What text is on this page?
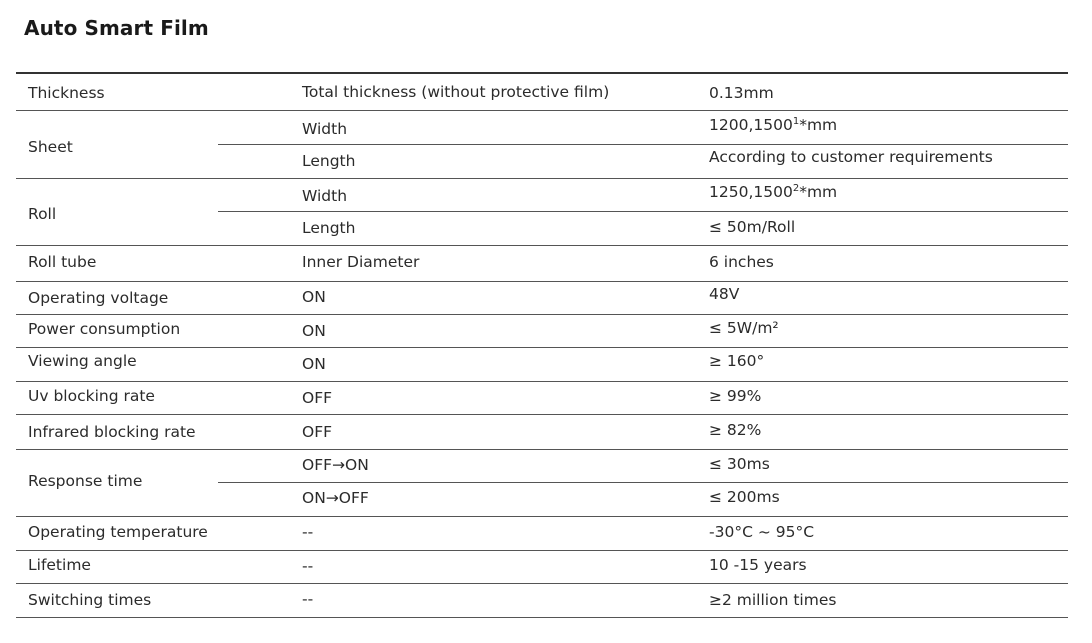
Auto Smart Film
Thickness	Total thickness (without protective film)	0.13mm
Sheet
Width	1200,1500$^1$*mm
Length	According to customer requirements
Roll
Width	1250,1500$^2$*mm
Length	≤ 50m/Roll
Roll tube	Inner Diameter	6 inches
Operating voltage	ON	48V
Power consumption	ON	≤ 5W/m²
Viewing angle	ON	≥ 160°
Uv blocking rate	OFF	≥ 99%
Infrared blocking rate	OFF	≥ 82%
Response time
OFF→ON	≤ 30ms
ON→OFF	≤ 200ms
Operating temperature	--	-30°C ~ 95°C
Lifetime	--	10 -15 years
Switching times	--	≥2 million times
